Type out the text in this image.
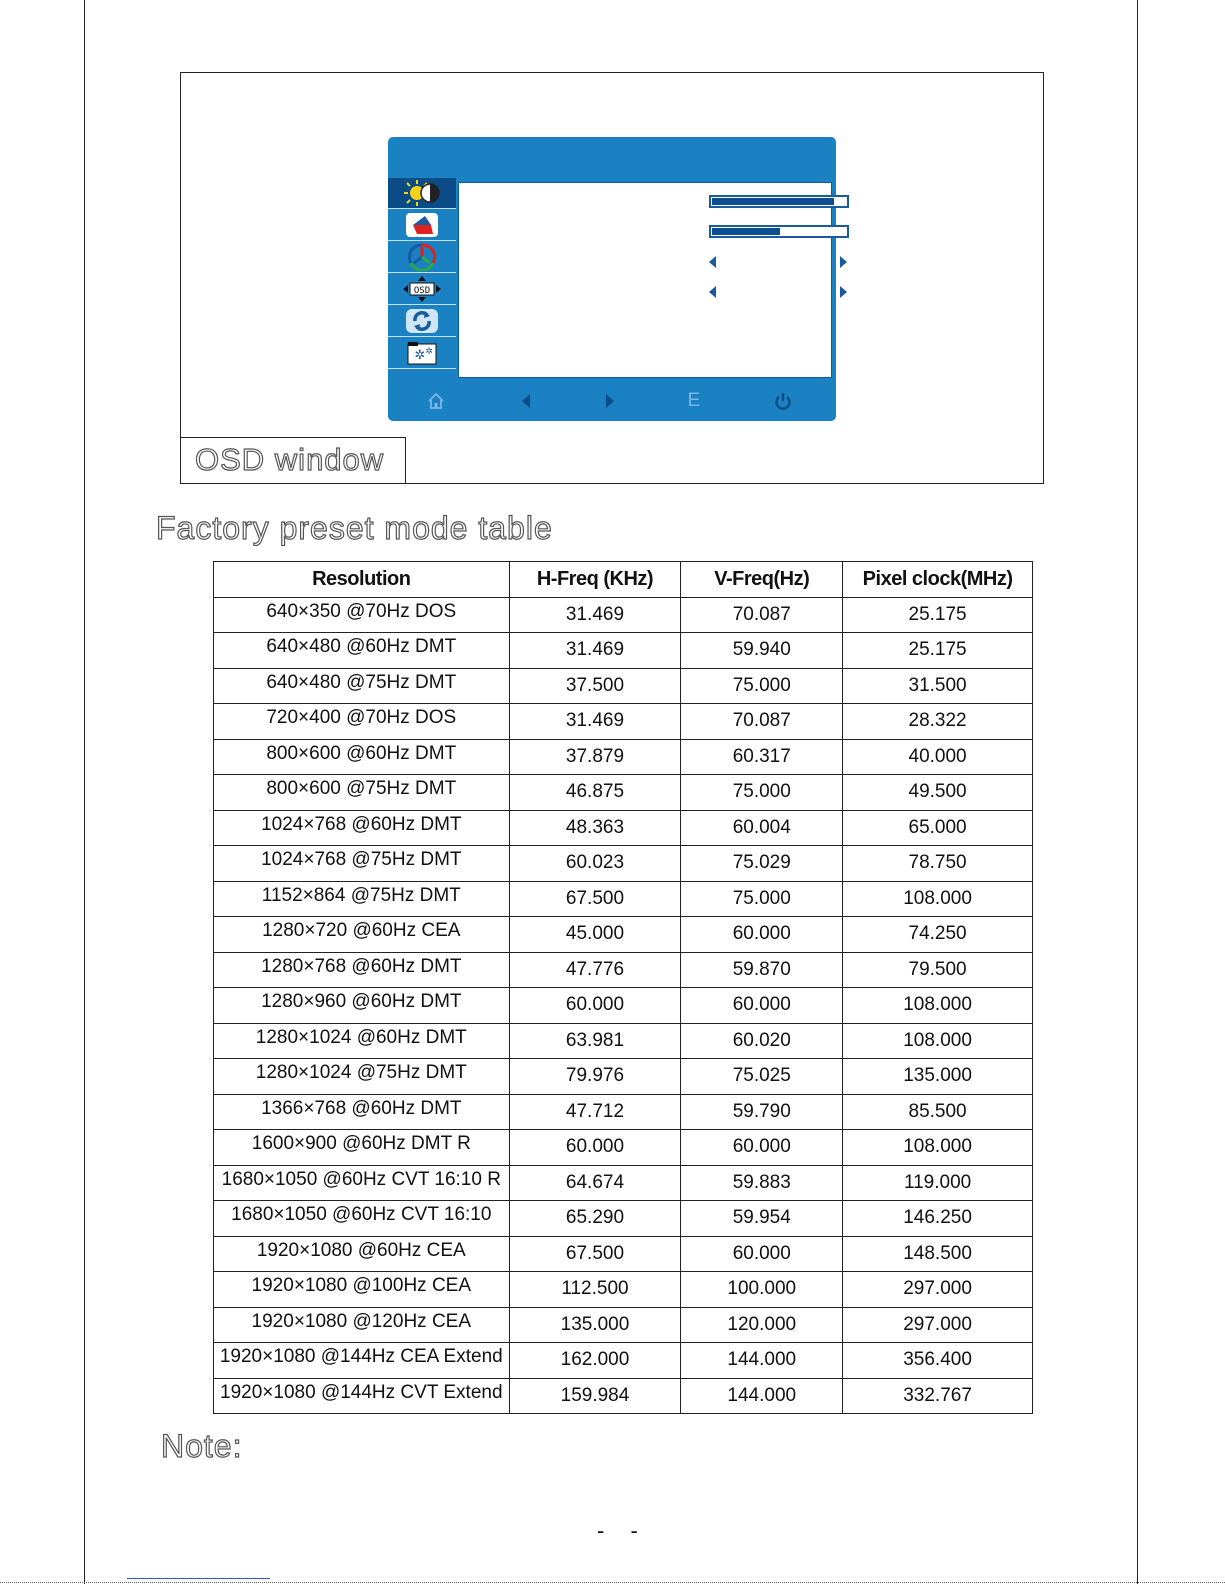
OSD window
OSD
✲ ✲
E
Factory preset mode table
Resolution	H-Freq (KHz)	V-Freq(Hz)	Pixel clock(MHz)
640×350 @70Hz DOS	31.469	70.087	25.175
640×480 @60Hz DMT	31.469	59.940	25.175
640×480 @75Hz DMT	37.500	75.000	31.500
720×400 @70Hz DOS	31.469	70.087	28.322
800×600 @60Hz DMT	37.879	60.317	40.000
800×600 @75Hz DMT	46.875	75.000	49.500
1024×768 @60Hz DMT	48.363	60.004	65.000
1024×768 @75Hz DMT	60.023	75.029	78.750
1152×864 @75Hz DMT	67.500	75.000	108.000
1280×720 @60Hz CEA	45.000	60.000	74.250
1280×768 @60Hz DMT	47.776	59.870	79.500
1280×960 @60Hz DMT	60.000	60.000	108.000
1280×1024 @60Hz DMT	63.981	60.020	108.000
1280×1024 @75Hz DMT	79.976	75.025	135.000
1366×768 @60Hz DMT	47.712	59.790	85.500
1600×900 @60Hz DMT R	60.000	60.000	108.000
1680×1050 @60Hz CVT 16:10 R	64.674	59.883	119.000
1680×1050 @60Hz CVT 16:10	65.290	59.954	146.250
1920×1080 @60Hz CEA	67.500	60.000	148.500
1920×1080 @100Hz CEA	112.500	100.000	297.000
1920×1080 @120Hz CEA	135.000	120.000	297.000
1920×1080 @144Hz CEA Extend	162.000	144.000	356.400
1920×1080 @144Hz CVT Extend	159.984	144.000	332.767
Note:
- -
